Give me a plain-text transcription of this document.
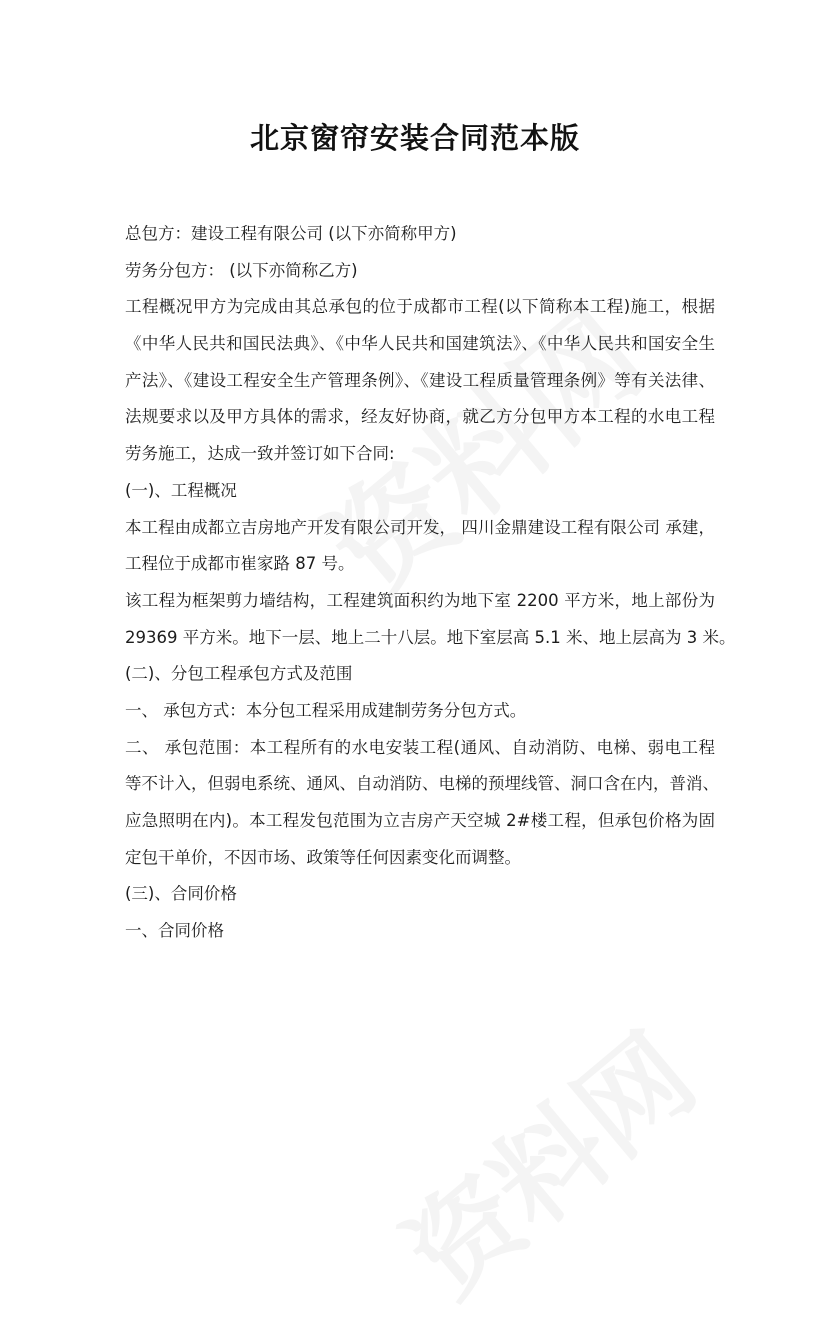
北京窗帘安装合同范本版
总包方：建设工程有限公司 (以下亦简称甲方)
劳务分包方： (以下亦简称乙方)
工程概况甲方为完成由其总承包的位于成都市工程(以下简称本工程)施工，根据
《中华人民共和国民法典》、《中华人民共和国建筑法》、《中华人民共和国安全生
产法》、《建设工程安全生产管理条例》、《建设工程质量管理条例》等有关法律、
法规要求以及甲方具体的需求，经友好协商，就乙方分包甲方本工程的水电工程
劳务施工，达成一致并签订如下合同:
(一)、工程概况
本工程由成都立吉房地产开发有限公司开发， 四川金鼎建设工程有限公司 承建，
工程位于成都市崔家路 87 号。
该工程为框架剪力墙结构，工程建筑面积约为地下室 2200 平方米，地上部份为
29369 平方米。地下一层、地上二十八层。地下室层高 5.1 米、地上层高为 3 米。
(二)、分包工程承包方式及范围
一、 承包方式：本分包工程采用成建制劳务分包方式。
二、 承包范围：本工程所有的水电安装工程(通风、自动消防、电梯、弱电工程
等不计入，但弱电系统、通风、自动消防、电梯的预埋线管、洞口含在内，普消、
应急照明在内)。本工程发包范围为立吉房产天空城 2#楼工程，但承包价格为固
定包干单价，不因市场、政策等任何因素变化而调整。
(三)、合同价格
一、合同价格
